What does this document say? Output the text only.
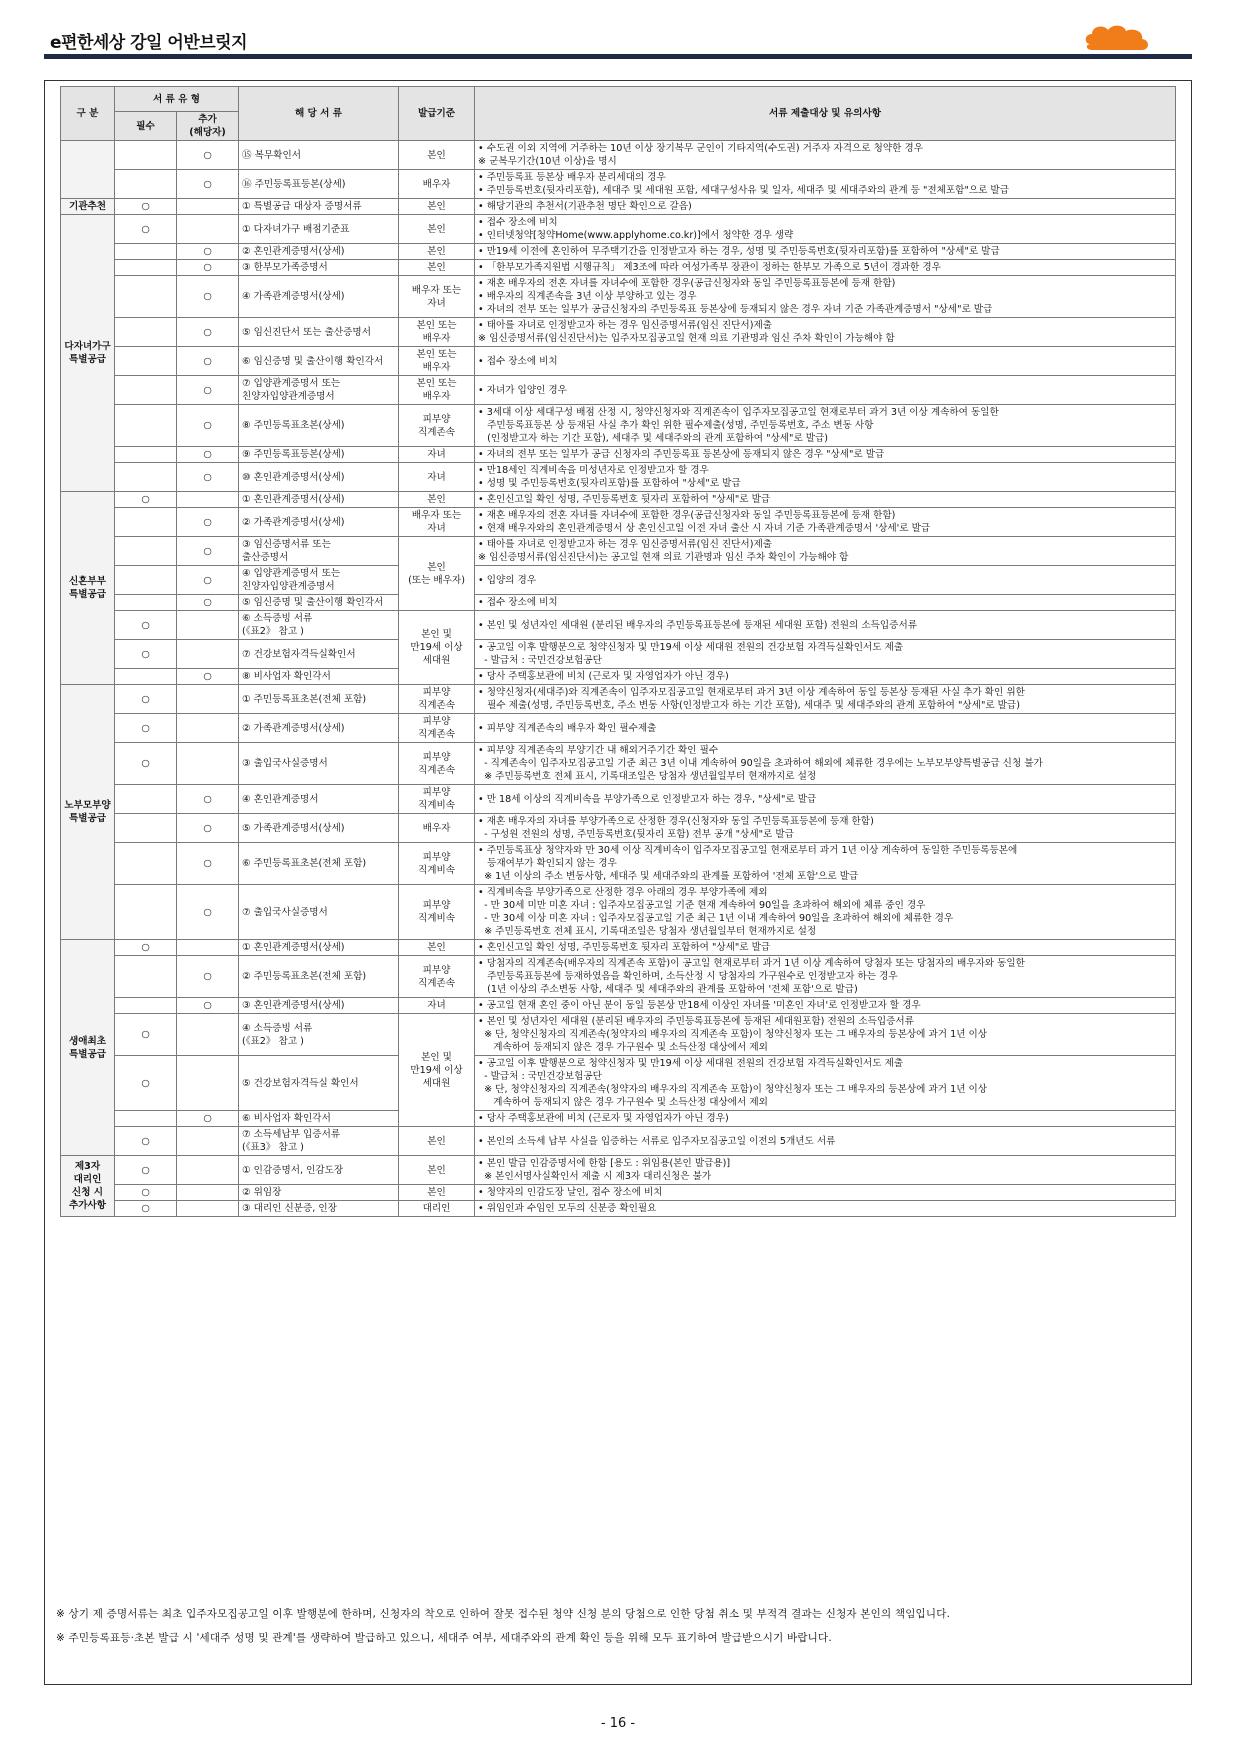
e편한세상 강일 어반브릿지
구 분	서 류 유 형		해 당 서 류	발급기준	서류 제출대상 및 유의사항
	필수	추가
(해당자)			
		○	⑮ 복무확인서	본인	• 수도권 이외 지역에 거주하는 10년 이상 장기복무 군인이 기타지역(수도권) 거주자 자격으로 청약한 경우
※ 군복무기간(10년 이상)을 명시

		○	⑯ 주민등록표등본(상세)	배우자	• 주민등록표 등본상 배우자 분리세대의 경우
• 주민등록번호(뒷자리포함), 세대주 및 세대원 포함, 세대구성사유 및 일자, 세대주 및 세대주와의 관계 등 "전체포함"으로 발급

기관추천	○		① 특별공급 대상자 증명서류	본인	• 해당기관의 추천서(기관추천 명단 확인으로 갈음)

다자녀가구
특별공급	○		① 다자녀가구 배점기준표	본인	• 접수 장소에 비치
• 인터넷청약[청약Home(www.applyhome.co.kr)]에서 청약한 경우 생략

		○	② 혼인관계증명서(상세)	본인	• 만19세 이전에 혼인하여 무주택기간을 인정받고자 하는 경우, 성명 및 주민등록번호(뒷자리포함)를 포함하여 "상세"로 발급

		○	③ 한부모가족증명서	본인	• 「한부모가족지원법 시행규칙」 제3조에 따라 여성가족부 장관이 정하는 한부모 가족으로 5년이 경과한 경우

		○	④ 가족관계증명서(상세)	배우자 또는
자녀	• 재혼 배우자의 전혼 자녀를 자녀수에 포함한 경우(공급신청자와 동일 주민등록표등본에 등재 한함)
• 배우자의 직계존속을 3년 이상 부양하고 있는 경우
• 자녀의 전부 또는 일부가 공급신청자의 주민등록표 등본상에 등재되지 않은 경우 자녀 기준 가족관계증명서 "상세"로 발급

		○	⑤ 임신진단서 또는 출산증명서	본인 또는
배우자	• 태아를 자녀로 인정받고자 하는 경우 임신증명서류(임신 진단서)제출
※ 임신증명서류(임신진단서)는 입주자모집공고일 현재 의료 기관명과 임신 주차 확인이 가능해야 함

		○	⑥ 임신증명 및 출산이행 확인각서	본인 또는
배우자	• 접수 장소에 비치

		○	⑦ 입양관계증명서 또는
친양자입양관계증명서	본인 또는
배우자	• 자녀가 입양인 경우

		○	⑧ 주민등록표초본(상세)	피부양
직계존속	• 3세대 이상 세대구성 배점 산정 시, 청약신청자와 직계존속이 입주자모집공고일 현재로부터 과거 3년 이상 계속하여 동일한
주민등록표등본 상 등재된 사실 추가 확인 위한 필수제출(성명, 주민등록번호, 주소 변동 사항
(인정받고자 하는 기간 포함), 세대주 및 세대주와의 관계 포함하여 "상세"로 발급)

		○	⑨ 주민등록표등본(상세)	자녀	• 자녀의 전부 또는 일부가 공급 신청자의 주민등록표 등본상에 등재되지 않은 경우 "상세"로 발급

		○	⑩ 혼인관계증명서(상세)	자녀	• 만18세인 직계비속을 미성년자로 인정받고자 할 경우
• 성명 및 주민등록번호(뒷자리포함)를 포함하여 "상세"로 발급

신혼부부
특별공급	○		① 혼인관계증명서(상세)	본인	• 혼인신고일 확인 성명, 주민등록번호 뒷자리 포함하여 "상세"로 발급

		○	② 가족관계증명서(상세)	배우자 또는
자녀	• 재혼 배우자의 전혼 자녀를 자녀수에 포함한 경우(공급신청자와 동일 주민등록표등본에 등재 한함)
• 현재 배우자와의 혼인관계증명서 상 혼인신고일 이전 자녀 출산 시 자녀 기준 가족관계증명서 '상세'로 발급

		○	③ 임신증명서류 또는
출산증명서	본인
(또는 배우자)	• 태아를 자녀로 인정받고자 하는 경우 임신증명서류(임신 진단서)제출
※ 임신증명서류(임신진단서)는 공고일 현재 의료 기관명과 임신 주차 확인이 가능해야 함

		○	④ 입양관계증명서 또는
친양자입양관계증명서		• 입양의 경우

		○	⑤ 임신증명 및 출산이행 확인각서		• 접수 장소에 비치

	○		⑥ 소득증빙 서류
(《표2》 참고 )	본인 및
만19세 이상
세대원	• 본인 및 성년자인 세대원 (분리된 배우자의 주민등록표등본에 등재된 세대원 포함) 전원의 소득입증서류

	○		⑦ 건강보험자격득실확인서		• 공고일 이후 발행분으로 청약신청자 및 만19세 이상 세대원 전원의 건강보험 자격득실확인서도 제출
- 발급처 : 국민건강보험공단

		○	⑧ 비사업자 확인각서		• 당사 주택홍보관에 비치 (근로자 및 자영업자가 아닌 경우)

노부모부양
특별공급	○		① 주민등록표초본(전체 포함)	피부양
직계존속	• 청약신청자(세대주)와 직계존속이 입주자모집공고일 현재로부터 과거 3년 이상 계속하여 동일 등본상 등재된 사실 추가 확인 위한
필수 제출(성명, 주민등록번호, 주소 변동 사항(인정받고자 하는 기간 포함), 세대주 및 세대주와의 관계 포함하여 "상세"로 발급)

	○		② 가족관계증명서(상세)	피부양
직계존속	• 피부양 직계존속의 배우자 확인 필수제출

	○		③ 출입국사실증명서	피부양
직계존속	• 피부양 직계존속의 부양기간 내 해외거주기간 확인 필수
- 직계존속이 입주자모집공고일 기준 최근 3년 이내 계속하여 90일을 초과하여 해외에 체류한 경우에는 노부모부양특별공급 신청 불가
※ 주민등록번호 전체 표시, 기록대조일은 당첨자 생년월일부터 현재까지로 설정

		○	④ 혼인관계증명서	피부양
직계비속	• 만 18세 이상의 직계비속을 부양가족으로 인정받고자 하는 경우, "상세"로 발급

		○	⑤ 가족관계증명서(상세)	배우자	• 재혼 배우자의 자녀를 부양가족으로 산정한 경우(신청자와 동일 주민등록표등본에 등재 한함)
- 구성원 전원의 성명, 주민등록번호(뒷자리 포함) 전부 공개 "상세"로 발급

		○	⑥ 주민등록표초본(전체 포함)	피부양
직계비속	• 주민등록표상 청약자와 만 30세 이상 직계비속이 입주자모집공고일 현재로부터 과거 1년 이상 계속하여 동일한 주민등록등본에
등재여부가 확인되지 않는 경우
※ 1년 이상의 주소 변동사항, 세대주 및 세대주와의 관계를 포함하여 '전체 포함'으로 발급

		○	⑦ 출입국사실증명서	피부양
직계비속	• 직계비속을 부양가족으로 산정한 경우 아래의 경우 부양가족에 제외
- 만 30세 미만 미혼 자녀 : 입주자모집공고일 기준 현재 계속하여 90일을 초과하여 해외에 체류 중인 경우
- 만 30세 이상 미혼 자녀 : 입주자모집공고일 기준 최근 1년 이내 계속하여 90일을 초과하여 해외에 체류한 경우
※ 주민등록번호 전체 표시, 기록대조일은 당첨자 생년월일부터 현재까지로 설정

생애최초
특별공급	○		① 혼인관계증명서(상세)	본인	• 혼인신고일 확인 성명, 주민등록번호 뒷자리 포함하여 "상세"로 발급

		○	② 주민등록표초본(전체 포함)	피부양
직계존속	• 당첨자의 직계존속(배우자의 직계존속 포함)이 공고일 현재로부터 과거 1년 이상 계속하여 당첨자 또는 당첨자의 배우자와 동일한
주민등록표등본에 등재하였음을 확인하며, 소득산정 시 당첨자의 가구원수로 인정받고자 하는 경우
(1년 이상의 주소변동 사항, 세대주 및 세대주와의 관계를 포함하여 '전체 포함'으로 발급)

		○	③ 혼인관계증명서(상세)	자녀	• 공고일 현재 혼인 중이 아닌 분이 동일 등본상 만18세 이상인 자녀를 '미혼인 자녀'로 인정받고자 할 경우

	○		④ 소득증빙 서류
(《표2》 참고 )	본인 및
만19세 이상
세대원	• 본인 및 성년자인 세대원 (분리된 배우자의 주민등록표등본에 등재된 세대원포함) 전원의 소득입증서류
※ 단, 청약신청자의 직계존속(청약자의 배우자의 직계존속 포함)이 청약신청자 또는 그 배우자의 등본상에 과거 1년 이상
계속하여 등재되지 않은 경우 가구원수 및 소득산정 대상에서 제외

	○		⑤ 건강보험자격득실 확인서		• 공고일 이후 발행분으로 청약신청자 및 만19세 이상 세대원 전원의 건강보험 자격득실확인서도 제출
- 발급처 : 국민건강보험공단
※ 단, 청약신청자의 직계존속(청약자의 배우자의 직계존속 포함)이 청약신청자 또는 그 배우자의 등본상에 과거 1년 이상
계속하여 등재되지 않은 경우 가구원수 및 소득산정 대상에서 제외

		○	⑥ 비사업자 확인각서		• 당사 주택홍보관에 비치 (근로자 및 자영업자가 아닌 경우)

	○		⑦ 소득세납부 입증서류
(《표3》 참고 )	본인	• 본인의 소득세 납부 사실을 입증하는 서류로 입주자모집공고일 이전의 5개년도 서류

제3자
대리인
신청 시
추가사항	○		① 인감증명서, 인감도장	본인	• 본인 발급 인감증명서에 한함 [용도 : 위임용(본인 발급용)]
※ 본인서명사실확인서 제출 시 제3자 대리신청은 불가

	○		② 위임장	본인	• 청약자의 인감도장 날인, 접수 장소에 비치

	○		③ 대리인 신분증, 인장	대리인	• 위임인과 수임인 모두의 신분증 확인필요
※ 상기 제 증명서류는 최초 입주자모집공고일 이후 발행분에 한하며, 신청자의 착오로 인하여 잘못 접수된 청약 신청 분의 당첨으로 인한 당첨 취소 및 부적격 결과는 신청자 본인의 책임입니다.
※ 주민등록표등·초본 발급 시 '세대주 성명 및 관계'를 생략하여 발급하고 있으니, 세대주 여부, 세대주와의 관계 확인 등을 위해 모두 표기하여 발급받으시기 바랍니다.
- 16 -
